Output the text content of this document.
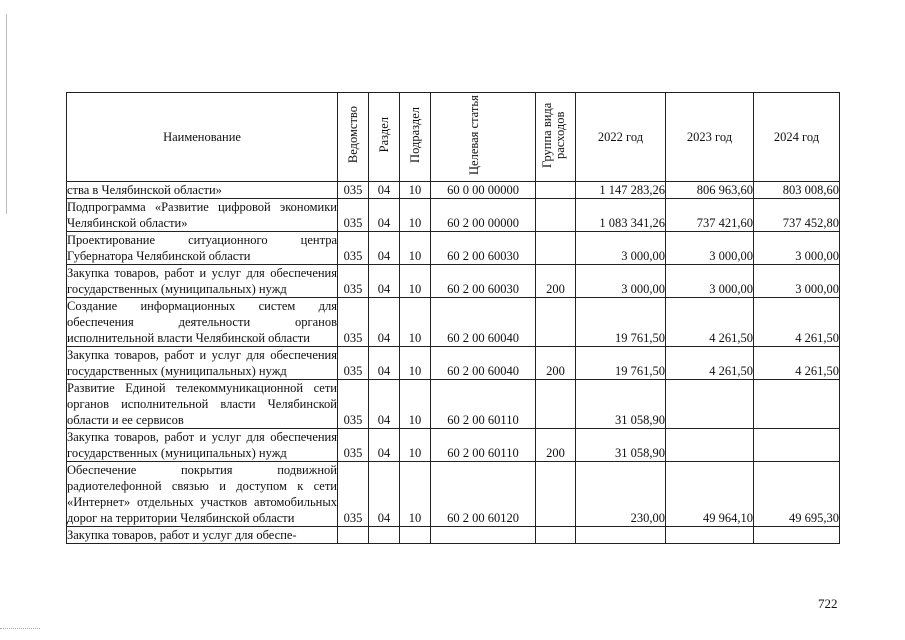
Наименование	Ведомство	Раздел	Подраздел	Целевая статья	Группа вида расходов	2022 год	2023 год	2024 год
ства в Челябинской области»	035	04	10	60 0 00 00000		1 147 283,26	806 963,60	803 008,60
Подпрограмма «Развитие цифровой экономики Челябинской области»	035	04	10	60 2 00 00000		1 083 341,26	737 421,60	737 452,80
Проектирование ситуационного центра Губернатора Челябинской области	035	04	10	60 2 00 60030		3 000,00	3 000,00	3 000,00
Закупка товаров, работ и услуг для обеспечения государственных (муниципальных) нужд	035	04	10	60 2 00 60030	200	3 000,00	3 000,00	3 000,00
Создание информационных систем для обеспечения деятельности органов исполнительной власти Челябинской области	035	04	10	60 2 00 60040		19 761,50	4 261,50	4 261,50
Закупка товаров, работ и услуг для обеспечения государственных (муниципальных) нужд	035	04	10	60 2 00 60040	200	19 761,50	4 261,50	4 261,50
Развитие Единой телекоммуникационной сети органов исполнительной власти Челябинской области и ее сервисов	035	04	10	60 2 00 60110		31 058,90		
Закупка товаров, работ и услуг для обеспечения государственных (муниципальных) нужд	035	04	10	60 2 00 60110	200	31 058,90		
Обеспечение покрытия подвижной радиотелефонной связью и доступом к сети «Интернет» отдельных участков автомобильных дорог на территории Челябинской области	035	04	10	60 2 00 60120		230,00	49 964,10	49 695,30
Закупка товаров, работ и услуг для обеспе-								
722
